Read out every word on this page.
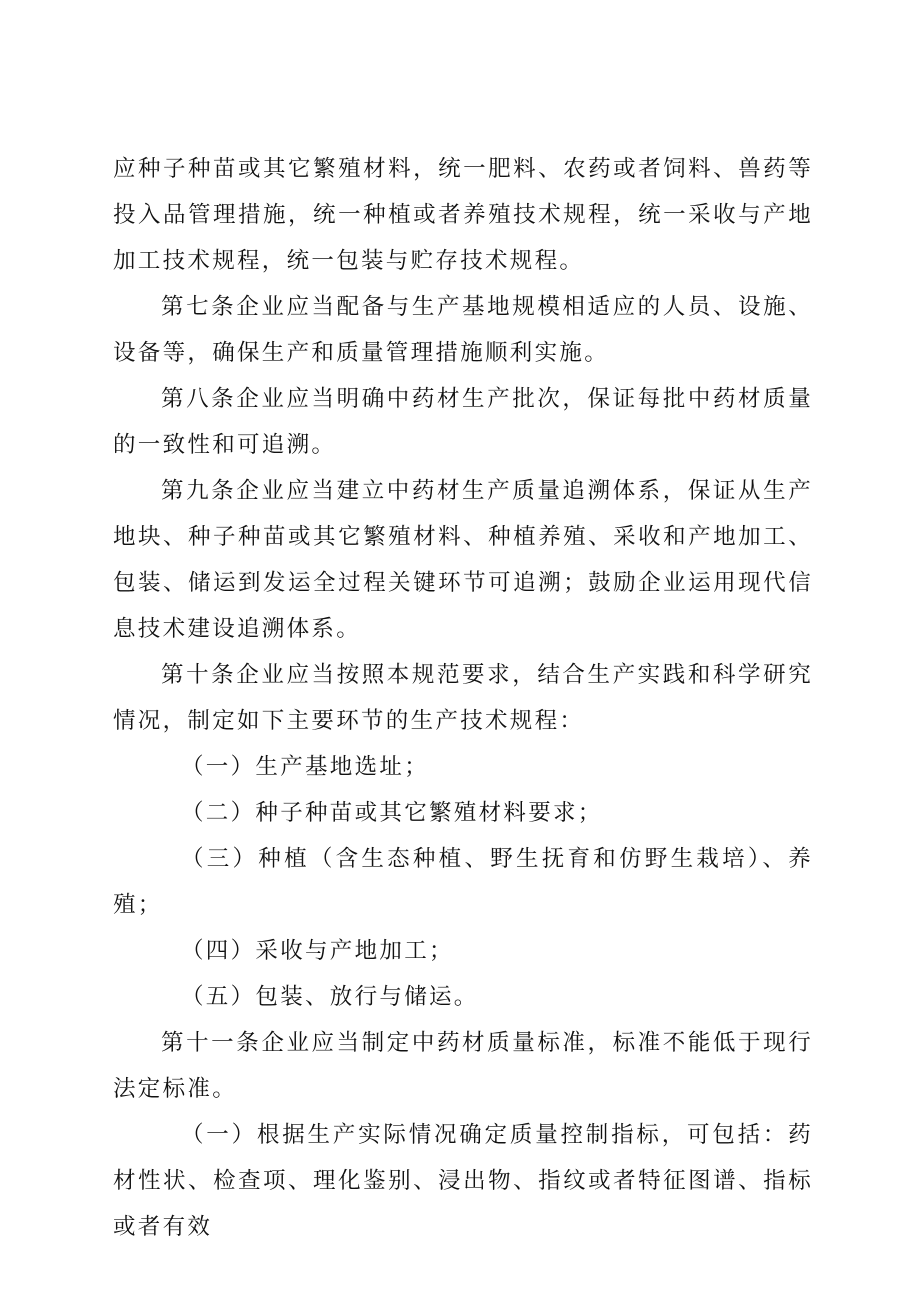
应种子种苗或其它繁殖材料，统一肥料、农药或者饲料、兽药等投入品管理措施，统一种植或者养殖技术规程，统一采收与产地加工技术规程，统一包装与贮存技术规程。

第七条企业应当配备与生产基地规模相适应的人员、设施、设备等，确保生产和质量管理措施顺利实施。

第八条企业应当明确中药材生产批次，保证每批中药材质量的一致性和可追溯。

第九条企业应当建立中药材生产质量追溯体系，保证从生产地块、种子种苗或其它繁殖材料、种植养殖、采收和产地加工、包装、储运到发运全过程关键环节可追溯；鼓励企业运用现代信息技术建设追溯体系。

第十条企业应当按照本规范要求，结合生产实践和科学研究情况，制定如下主要环节的生产技术规程：

（一）生产基地选址；

（二）种子种苗或其它繁殖材料要求；

（三）种植（含生态种植、野生抚育和仿野生栽培）、养殖；

（四）采收与产地加工；

（五）包装、放行与储运。

第十一条企业应当制定中药材质量标准，标准不能低于现行法定标准。

（一）根据生产实际情况确定质量控制指标，可包括：药材性状、检查项、理化鉴别、浸出物、指纹或者特征图谱、指标或者有效
